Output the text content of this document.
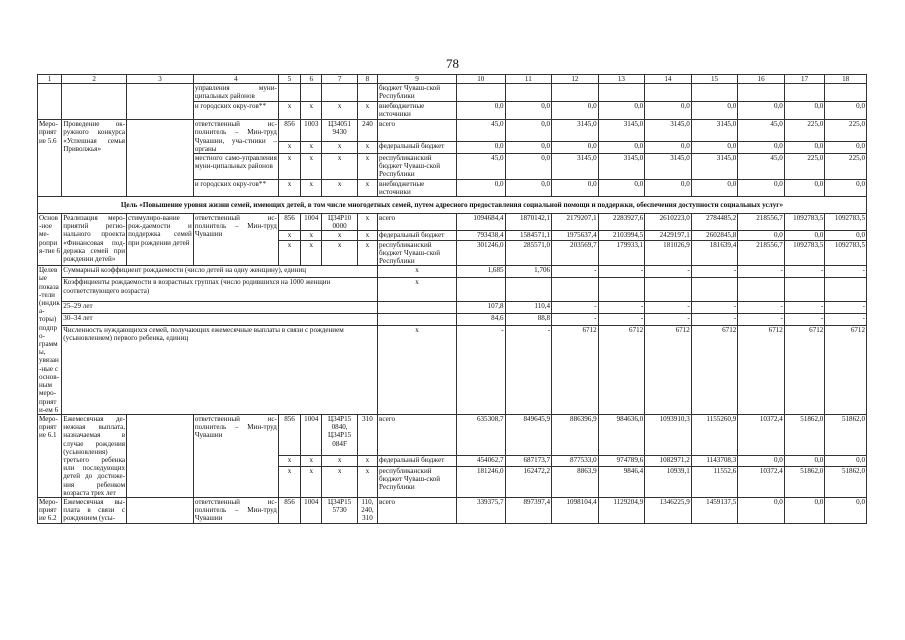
78
1	2	3	4	5	6	7	8	9	10	11	12	13	14	15	16	17	18
			управления муни-ципальных районов					бюджет Чуваш-ской Республики									
			и городских окру-гов**	x	x	x	x	внебюджетные источники	0,0	0,0	0,0	0,0	0,0	0,0	0,0	0,0	0,0
Меро-приятие 5.6	Проведение ок-ружного конкурса «Успешная семья Приволжья»		ответственный ис-полнитель – Мин-труд Чувашии, уча-стники – органы	856	1003	Ц34051 9430	240	всего	45,0	0,0	3145,0	3145,0	3145,0	3145,0	45,0	225,0	225,0
				x	x	x	x	федеральный бюджет	0,0	0,0	0,0	0,0	0,0	0,0	0,0	0,0	0,0
			местного само-управления муни-ципальных районов	x	x	x	x	республиканский бюджет Чуваш-ской Республики	45,0	0,0	3145,0	3145,0	3145,0	3145,0	45,0	225,0	225,0
			и городских окру-гов**	x	x	x	x	внебюджетные источники	0,0	0,0	0,0	0,0	0,0	0,0	0,0	0,0	0,0
Цель «Повышение уровня жизни семей, имеющих детей, в том числе многодетных семей, путем адресного предоставления социальной помощи и поддержки, обеспечения доступности социальных услуг»																	
Основ-ное ме-роприя-тие 6	Реализация меро-приятий регио-нального проекта «Финансовая под-держка семей при рождении детей»	стимулиро-вание рож-даемости и поддержка семей при рождении детей	ответственный ис-полнитель – Мин-труд Чувашии	856	1004	Ц34Р10 0000	x	всего	1094684,4	1870142,1	2179207,1	2283927,6	2610223,0	2784485,2	218556,7	1092783,5	1092783,5
				x	x	x	x	федеральный бюджет	793438,4	1584571,1	1975637,4	2103994,5	2429197,1	2602845,8	0,0	0,0	0,0
				x	x	x	x	республиканский бюджет Чуваш-ской Республики	301246,0	285571,0	203569,7	179933,1	181026,9	181639,4	218556,7	1092783,5	1092783,5
Целевые показа-тели (индика-торы) подпро-граммы, увязан-ные с основ-ным меро-прияти-ем 6	Суммарный коэффициент рождаемости (число детей на одну женщину), единиц							x	1,685	1,706	-	-	-	-	-	-	-
	Коэффициенты рождаемости в возрастных группах (число родившихся на 1000 женщин соответствующего возраста)							x									
	25–29 лет								107,8	110,4	-	-	-	-	-	-	-
	30–34 лет								84,6	88,8	-	-	-	-	-	-	-
	Численность нуждающихся семей, получающих ежемесячные выплаты в связи с рождением (усыновлением) первого ребенка, единиц							x	-	-	6712	6712	6712	6712	6712	6712	6712
Меро-приятие 6.1	Ежемесячная де-нежная выплата, назначаемая в случае рождения (усыновления) третьего ребенка или последующих детей до достиже-ния ребенком возраста трех лет		ответственный ис-полнитель – Мин-труд Чувашии	856	1004	Ц34Р15 0840, Ц34Р15 084F	310	всего	635308,7	849645,9	886396,9	984636,0	1093910,3	1155260,9	10372,4	51862,0	51862,0
				x	x	x	x	федеральный бюджет	454062,7	687173,7	877533,0	974789,6	1082971,2	1143708,3	0,0	0,0	0,0
				x	x	x	x	республиканский бюджет Чуваш-ской Республики	181246,0	162472,2	8863,9	9846,4	10939,1	11552,6	10372,4	51862,0	51862,0
Меро-приятие 6.2	Ежемесячная вы-плата в связи с рождением (усы-		ответственный ис-полнитель – Мин-труд Чувашии	856	1004	Ц34Р15 5730	110, 240, 310	всего	339375,7	897397,4	1098104,4	1129204,9	1346225,9	1459137,5	0,0	0,0	0,0
